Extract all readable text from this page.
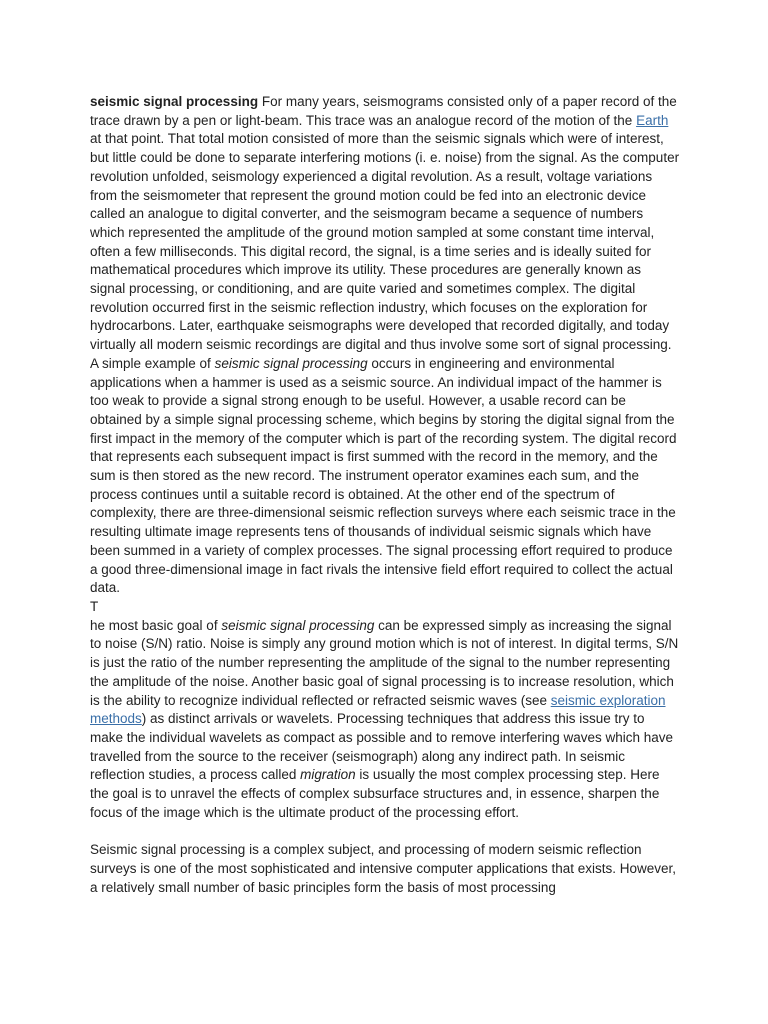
seismic signal processing For many years, seismograms consisted only of a paper record of the trace drawn by a pen or light-beam. This trace was an analogue record of the motion of the Earth at that point. That total motion consisted of more than the seismic signals which were of interest, but little could be done to separate interfering motions (i. e. noise) from the signal. As the computer revolution unfolded, seismology experienced a digital revolution. As a result, voltage variations from the seismometer that represent the ground motion could be fed into an electronic device called an analogue to digital converter, and the seismogram became a sequence of numbers which represented the amplitude of the ground motion sampled at some constant time interval, often a few milliseconds. This digital record, the signal, is a time series and is ideally suited for mathematical procedures which improve its utility. These procedures are generally known as signal processing, or conditioning, and are quite varied and sometimes complex. The digital revolution occurred first in the seismic reflection industry, which focuses on the exploration for hydrocarbons. Later, earthquake seismographs were developed that recorded digitally, and today virtually all modern seismic recordings are digital and thus involve some sort of signal processing. A simple example of seismic signal processing occurs in engineering and environmental applications when a hammer is used as a seismic source. An individual impact of the hammer is too weak to provide a signal strong enough to be useful. However, a usable record can be obtained by a simple signal processing scheme, which begins by storing the digital signal from the first impact in the memory of the computer which is part of the recording system. The digital record that represents each subsequent impact is first summed with the record in the memory, and the sum is then stored as the new record. The instrument operator examines each sum, and the process continues until a suitable record is obtained. At the other end of the spectrum of complexity, there are three-dimensional seismic reflection surveys where each seismic trace in the resulting ultimate image represents tens of thousands of individual seismic signals which have been summed in a variety of complex processes. The signal processing effort required to produce a good three-dimensional image in fact rivals the intensive field effort required to collect the actual data.

T

he most basic goal of seismic signal processing can be expressed simply as increasing the signal to noise (S/N) ratio. Noise is simply any ground motion which is not of interest. In digital terms, S/N is just the ratio of the number representing the amplitude of the signal to the number representing the amplitude of the noise. Another basic goal of signal processing is to increase resolution, which is the ability to recognize individual reflected or refracted seismic waves (see seismic exploration methods) as distinct arrivals or wavelets. Processing techniques that address this issue try to make the individual wavelets as compact as possible and to remove interfering waves which have travelled from the source to the receiver (seismograph) along any indirect path. In seismic reflection studies, a process called migration is usually the most complex processing step. Here the goal is to unravel the effects of complex subsurface structures and, in essence, sharpen the focus of the image which is the ultimate product of the processing effort.

Seismic signal processing is a complex subject, and processing of modern seismic reflection surveys is one of the most sophisticated and intensive computer applications that exists. However, a relatively small number of basic principles form the basis of most processing
